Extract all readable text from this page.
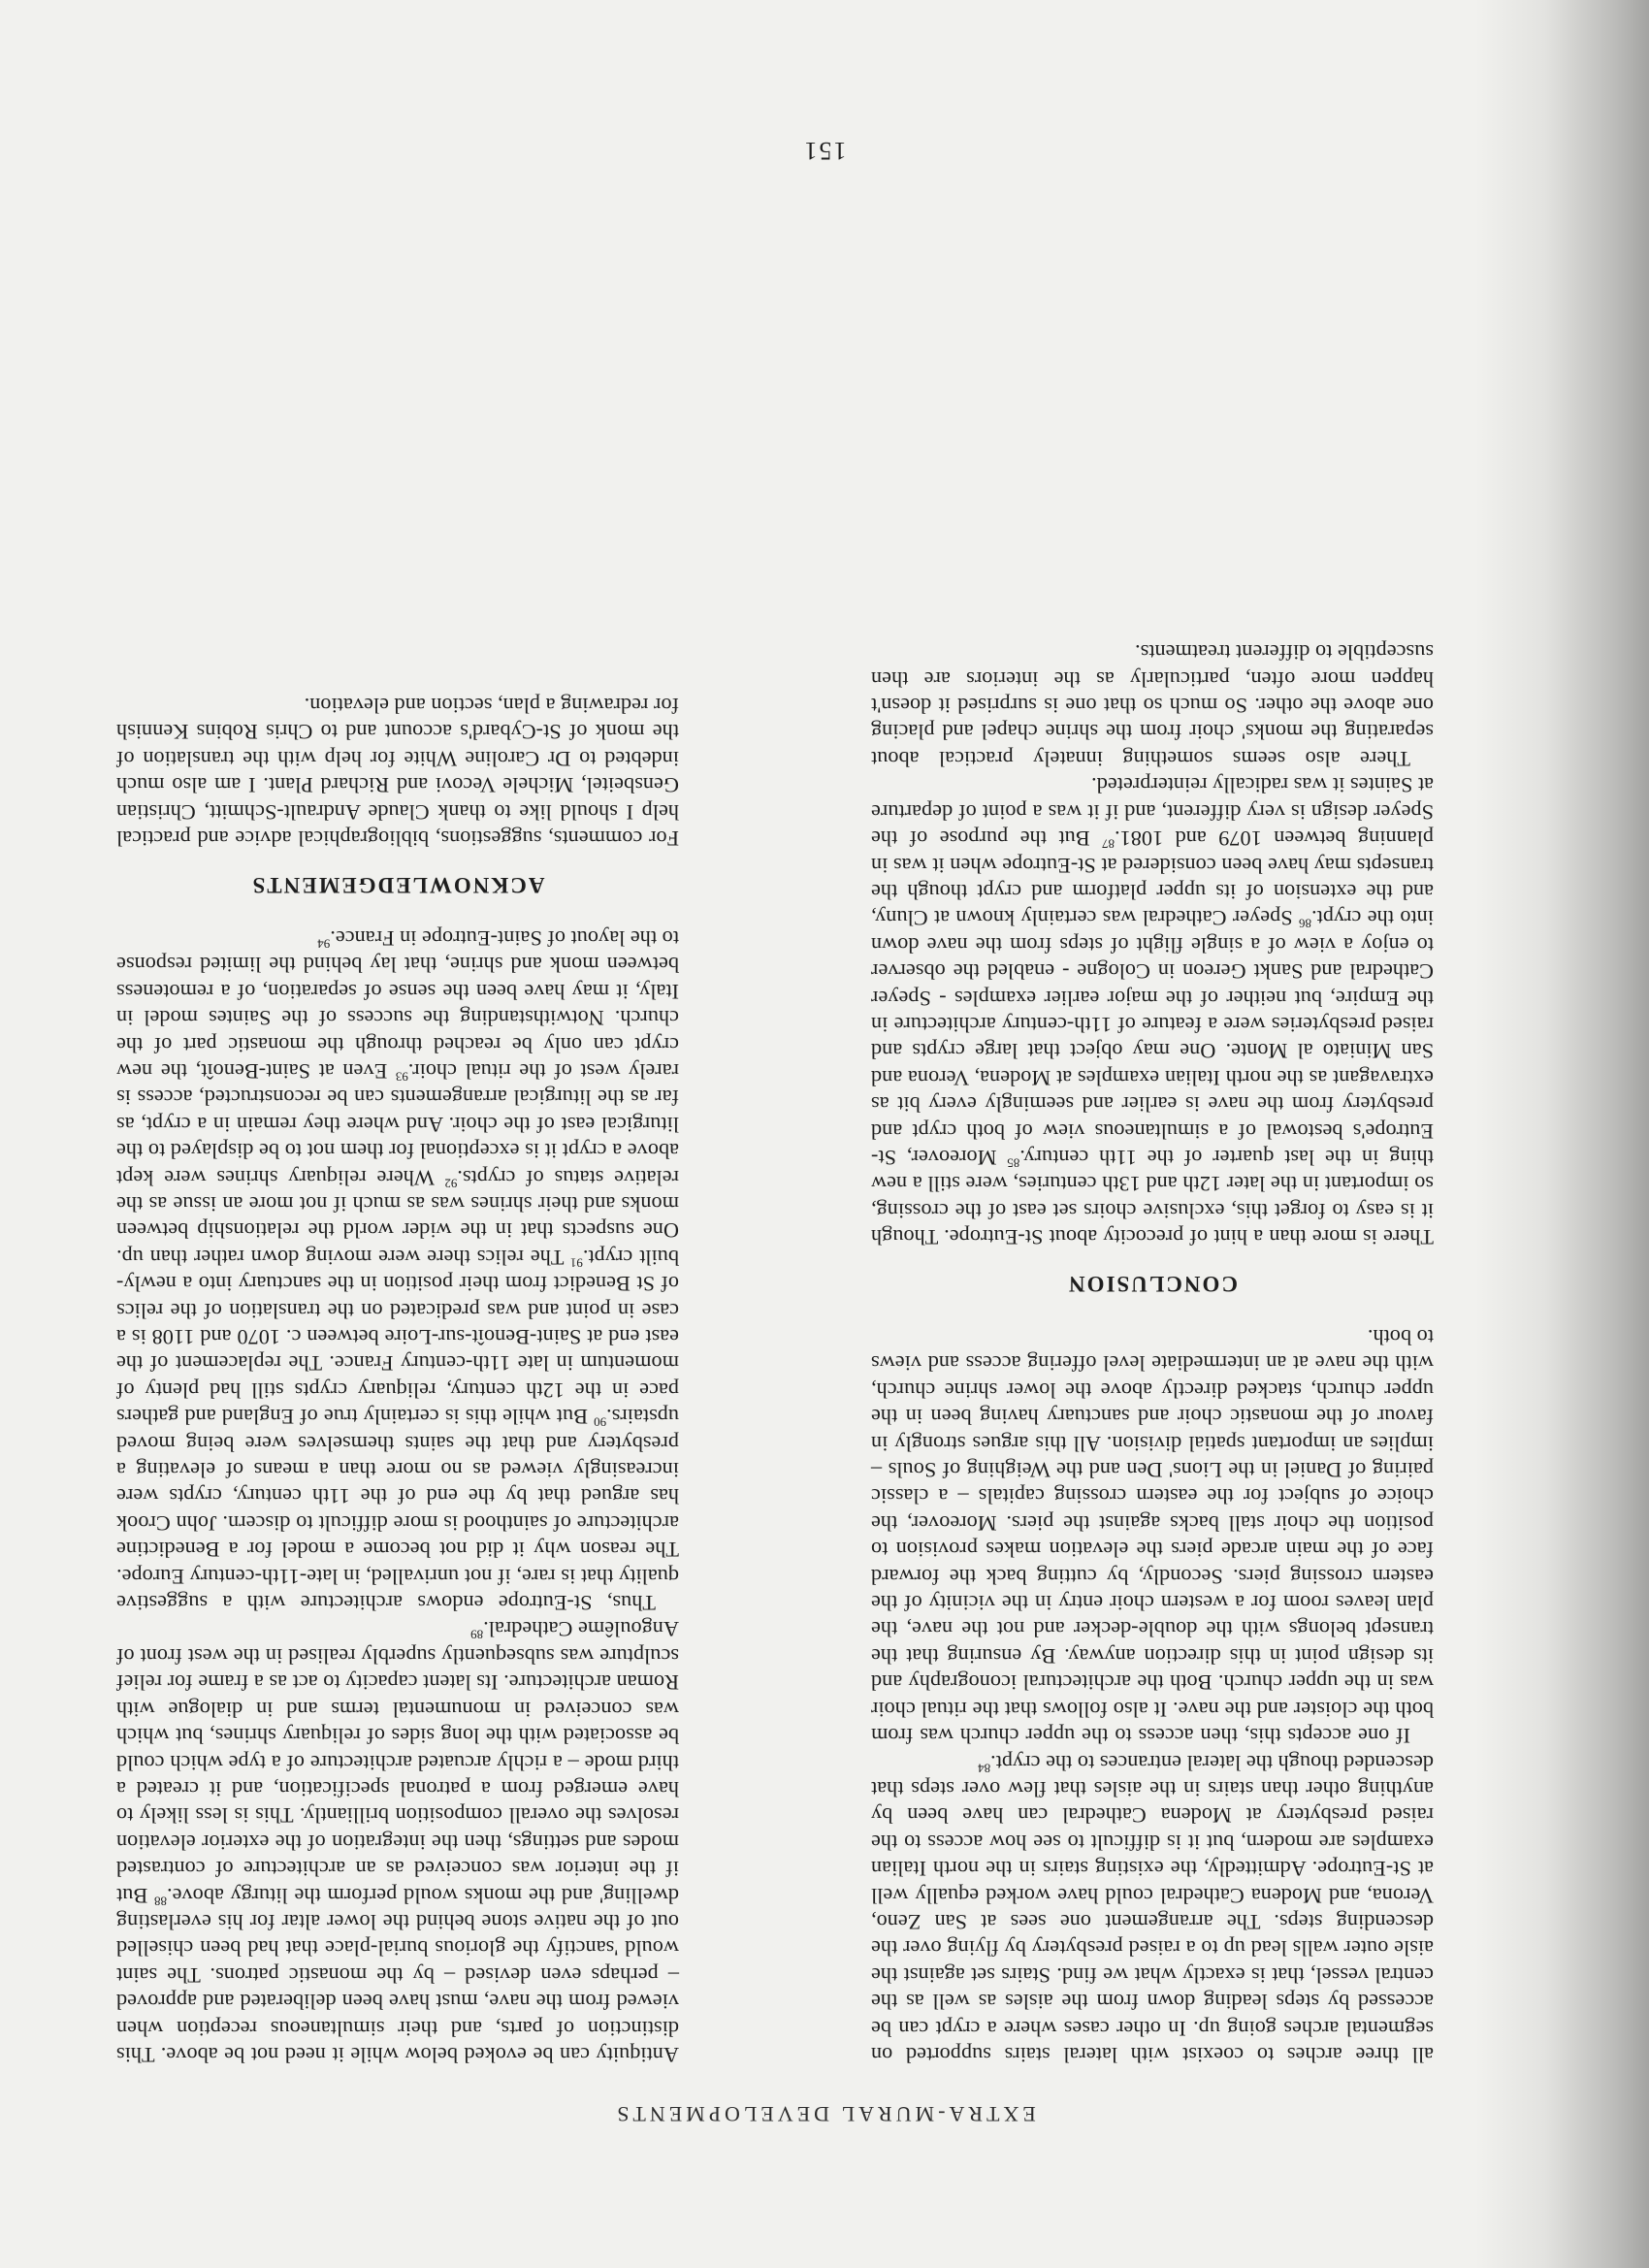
EXTRA-MURAL DEVELOPMENTS

all three arches to coexist with lateral stairs supported on segmental arches going up. In other cases where a crypt can be accessed by steps leading down from the aisles as well as the central vessel, that is exactly what we find. Stairs set against the aisle outer walls lead up to a raised presbytery by flying over the descending steps. The arrangement one sees at San Zeno, Verona, and Modena Cathedral could have worked equally well at St-Eutrope. Admittedly, the existing stairs in the north Italian examples are modern, but it is difficult to see how access to the raised presbytery at Modena Cathedral can have been by anything other than stairs in the aisles that flew over steps that descended though the lateral entrances to the crypt.$^{84}$

If one accepts this, then access to the upper church was from both the cloister and the nave. It also follows that the ritual choir was in the upper church. Both the architectural iconography and its design point in this direction anyway. By ensuring that the transept belongs with the double-decker and not the nave, the plan leaves room for a western choir entry in the vicinity of the eastern crossing piers. Secondly, by cutting back the forward face of the main arcade piers the elevation makes provision to position the choir stall backs against the piers. Moreover, the choice of subject for the eastern crossing capitals – a classic pairing of Daniel in the Lions' Den and the Weighing of Souls – implies an important spatial division. All this argues strongly in favour of the monastic choir and sanctuary having been in the upper church, stacked directly above the lower shrine church, with the nave at an intermediate level offering access and views to both.

CONCLUSION

There is more than a hint of precocity about St-Eutrope. Though it is easy to forget this, exclusive choirs set east of the crossing, so important in the later 12th and 13th centuries, were still a new thing in the last quarter of the 11th century.$^{85}$ Moreover, St-Eutrope's bestowal of a simultaneous view of both crypt and presbytery from the nave is earlier and seemingly every bit as extravagant as the north Italian examples at Modena, Verona and San Miniato al Monte. One may object that large crypts and raised presbyteries were a feature of 11th-century architecture in the Empire, but neither of the major earlier examples - Speyer Cathedral and Sankt Gereon in Cologne - enabled the observer to enjoy a view of a single flight of steps from the nave down into the crypt.$^{86}$ Speyer Cathedral was certainly known at Cluny, and the extension of its upper platform and crypt though the transepts may have been considered at St-Eutrope when it was in planning between 1079 and 1081.87 But the purpose of the Speyer design is very different, and if it was a point of departure at Saintes it was radically reinterpreted.

There also seems something innately practical about separating the monks' choir from the shrine chapel and placing one above the other. So much so that one is surprised it doesn't happen more often, particularly as the interiors are then susceptible to different treatments.

Antiquity can be evoked below while it need not be above. This distinction of parts, and their simultaneous reception when viewed from the nave, must have been deliberated and approved – perhaps even devised – by the monastic patrons. The saint would 'sanctify the glorious burial-place that had been chiselled out of the native stone behind the lower altar for his everlasting dwelling' and the monks would perform the liturgy above.$^{88}$ But if the interior was conceived as an architecture of contrasted modes and settings, then the integration of the exterior elevation resolves the overall composition brilliantly. This is less likely to have emerged from a patronal specification, and it created a third mode – a richly arcuated architecture of a type which could be associated with the long sides of reliquary shrines, but which was conceived in monumental terms and in dialogue with Roman architecture. Its latent capacity to act as a frame for relief sculpture was subsequently superbly realised in the west front of Angoulême Cathedral.$^{89}$

Thus, St-Eutrope endows architecture with a suggestive quality that is rare, if not unrivalled, in late-11th-century Europe. The reason why it did not become a model for a Benedictine architecture of sainthood is more difficult to discern. John Crook has argued that by the end of the 11th century, crypts were increasingly viewed as no more than a means of elevating a presbytery and that the saints themselves were being moved upstairs.$^{90}$ But while this is certainly true of England and gathers pace in the 12th century, reliquary crypts still had plenty of momentum in late 11th-century France. The replacement of the east end at Saint-Benoît-sur-Loire between c. 1070 and 1108 is a case in point and was predicated on the translation of the relics of St Benedict from their position in the sanctuary into a newly-built crypt.$^{91}$ The relics there were moving down rather than up. One suspects that in the wider world the relationship between monks and their shrines was as much if not more an issue as the relative status of crypts.$^{92}$ Where reliquary shrines were kept above a crypt it is exceptional for them not to be displayed to the liturgical east of the choir. And where they remain in a crypt, as far as the liturgical arrangements can be reconstructed, access is rarely west of the ritual choir.$^{93}$ Even at Saint-Benoît, the new crypt can only be reached through the monastic part of the church. Notwithstanding the success of the Saintes model in Italy, it may have been the sense of separation, of a remoteness between monk and shrine, that lay behind the limited response to the layout of Saint-Eutrope in France.$^{94}$

ACKNOWLEDGEMENTS

For comments, suggestions, bibliographical advice and practical help I should like to thank Claude Andrault-Schmitt, Christian Gensbeitel, Michele Vecovi and Richard Plant. I am also much indebted to Dr Caroline White for help with the translation of the monk of St-Cybard's account and to Chris Robins Kennish for redrawing a plan, section and elevation.

151
